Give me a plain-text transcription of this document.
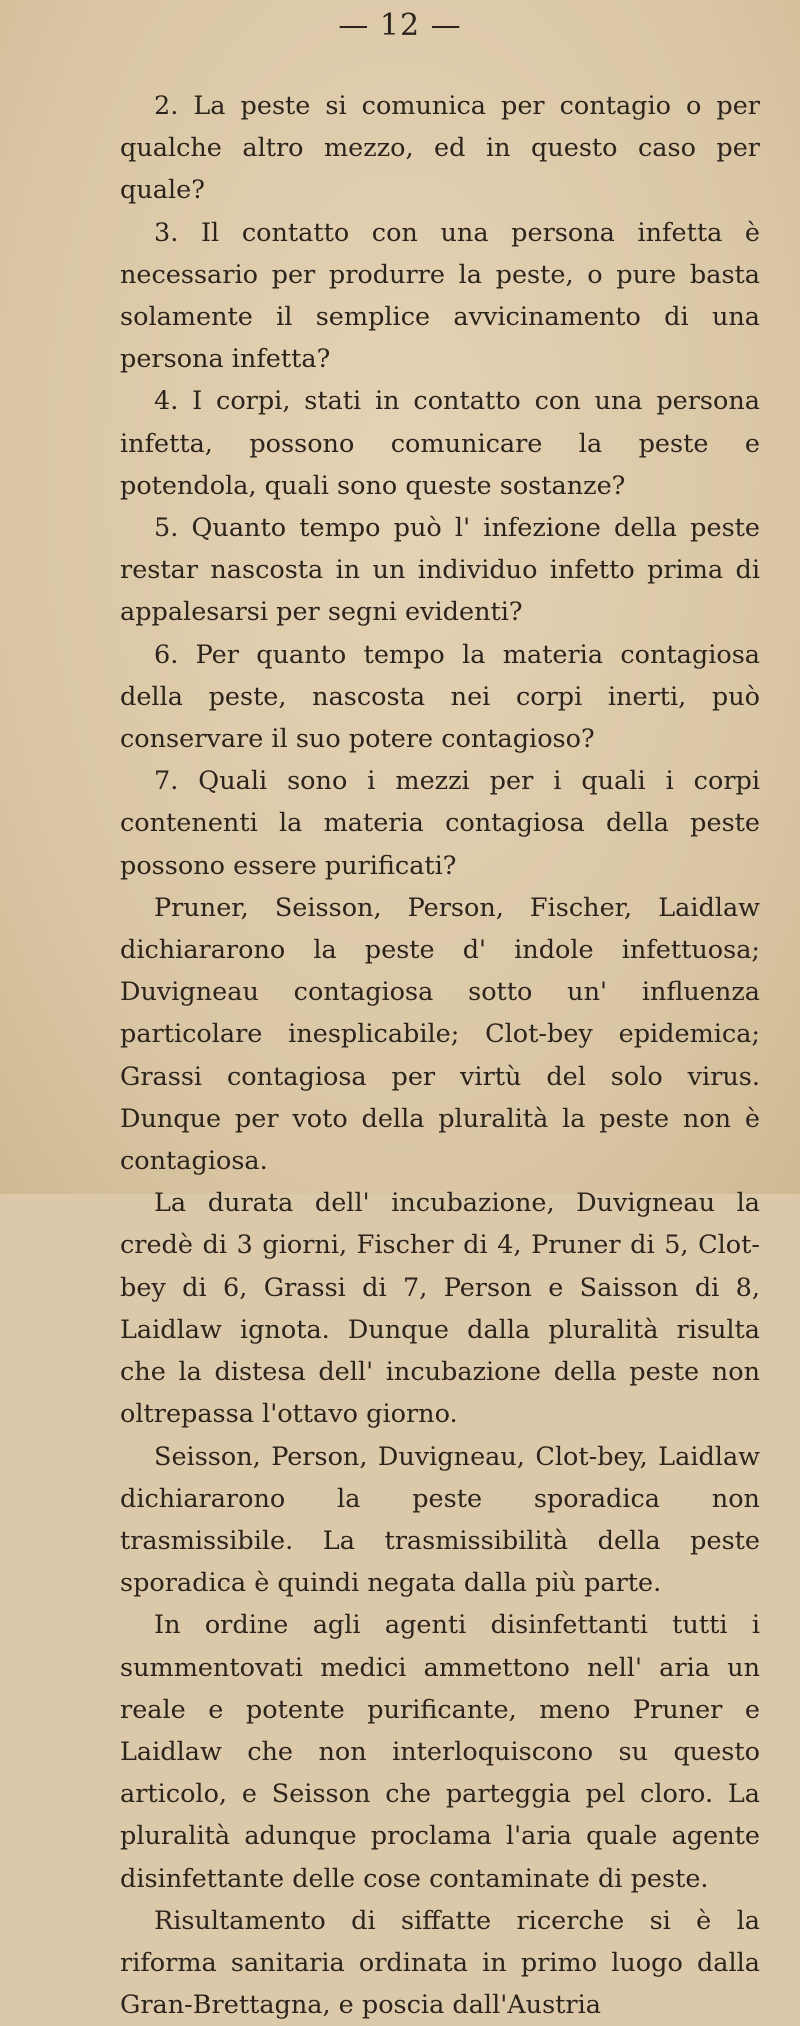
— 12 —

2. La peste si comunica per contagio o per qualche altro mezzo, ed in questo caso per quale?

3. Il contatto con una persona infetta è necessario per produrre la peste, o pure basta solamente il semplice avvicinamento di una persona infetta?

4. I corpi, stati in contatto con una persona infetta, possono comunicare la peste e potendola, quali sono queste sostanze?

5. Quanto tempo può l' infezione della peste restar nascosta in un individuo infetto prima di appalesarsi per segni evidenti?

6. Per quanto tempo la materia contagiosa della peste, nascosta nei corpi inerti, può conservare il suo potere contagioso?

7. Quali sono i mezzi per i quali i corpi contenenti la materia contagiosa della peste possono essere purificati?

Pruner, Seisson, Person, Fischer, Laidlaw dichiararono la peste d' indole infettuosa; Duvigneau contagiosa sotto un' influenza particolare inesplicabile; Clot-bey epidemica; Grassi contagiosa per virtù del solo virus. Dunque per voto della pluralità la peste non è contagiosa.

La durata dell' incubazione, Duvigneau la credè di 3 giorni, Fischer di 4, Pruner di 5, Clot-bey di 6, Grassi di 7, Person e Saisson di 8, Laidlaw ignota. Dunque dalla pluralità risulta che la distesa dell' incubazione della peste non oltrepassa l'ottavo giorno.

Seisson, Person, Duvigneau, Clot-bey, Laidlaw dichiararono la peste sporadica non trasmissibile. La trasmissibilità della peste sporadica è quindi negata dalla più parte.

In ordine agli agenti disinfettanti tutti i summentovati medici ammettono nell' aria un reale e potente purificante, meno Pruner e Laidlaw che non interloquiscono su questo articolo, e Seisson che parteggia pel cloro. La pluralità adunque proclama l'aria quale agente disinfettante delle cose contaminate di peste.

Risultamento di siffatte ricerche si è la riforma sanitaria ordinata in primo luogo dalla Gran-Brettagna, e poscia dall'Austria
